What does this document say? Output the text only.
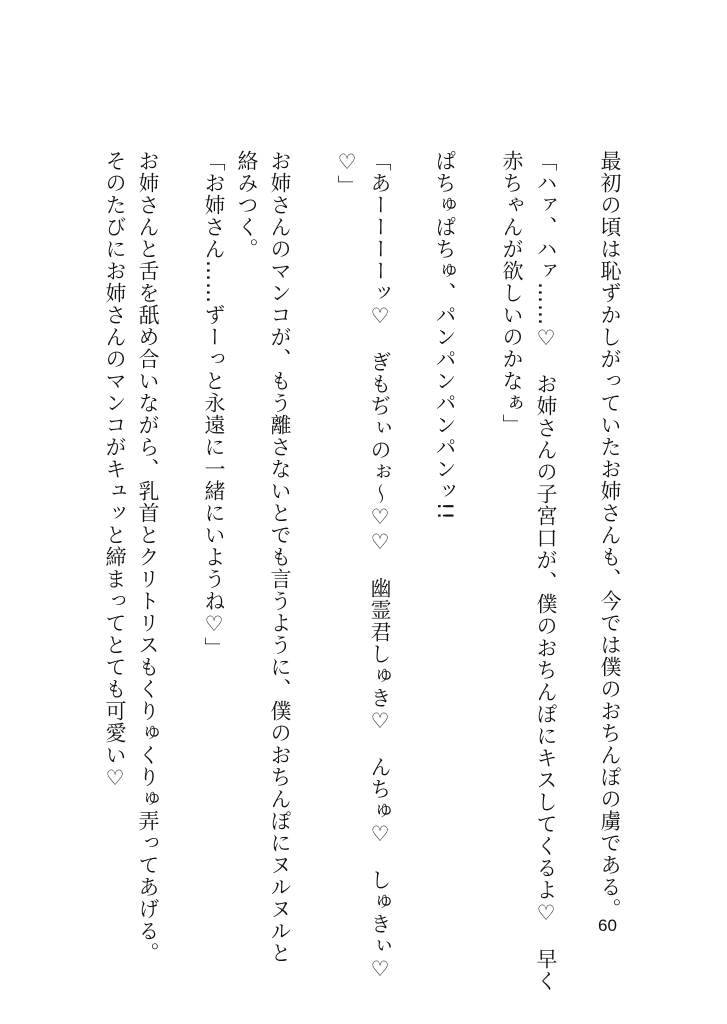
最初の頃は恥ずかしがっていたお姉さんも、今では僕のおちんぽの虜である。
「ハァ、ハァ……♡　お姉さんの子宮口が、僕のおちんぽにキスしてくるよ♡　早く
赤ちゃんが欲しいのかなぁ」
ぱちゅぱちゅ、パンパンパンパンッ!!
「あーーーーッ♡　ぎもぢぃのぉ～♡♡　幽霊君しゅき♡　んちゅ♡　しゅきぃ♡
♡」
お姉さんのマンコが、もう離さないとでも言うように、僕のおちんぽにヌルヌルと
絡みつく。
「お姉さん……ずーっと永遠に一緒にいようね♡」
お姉さんと舌を舐め合いながら、乳首とクリトリスもくりゅくりゅ弄ってあげる。
そのたびにお姉さんのマンコがキュッと締まってとても可愛い♡
60
